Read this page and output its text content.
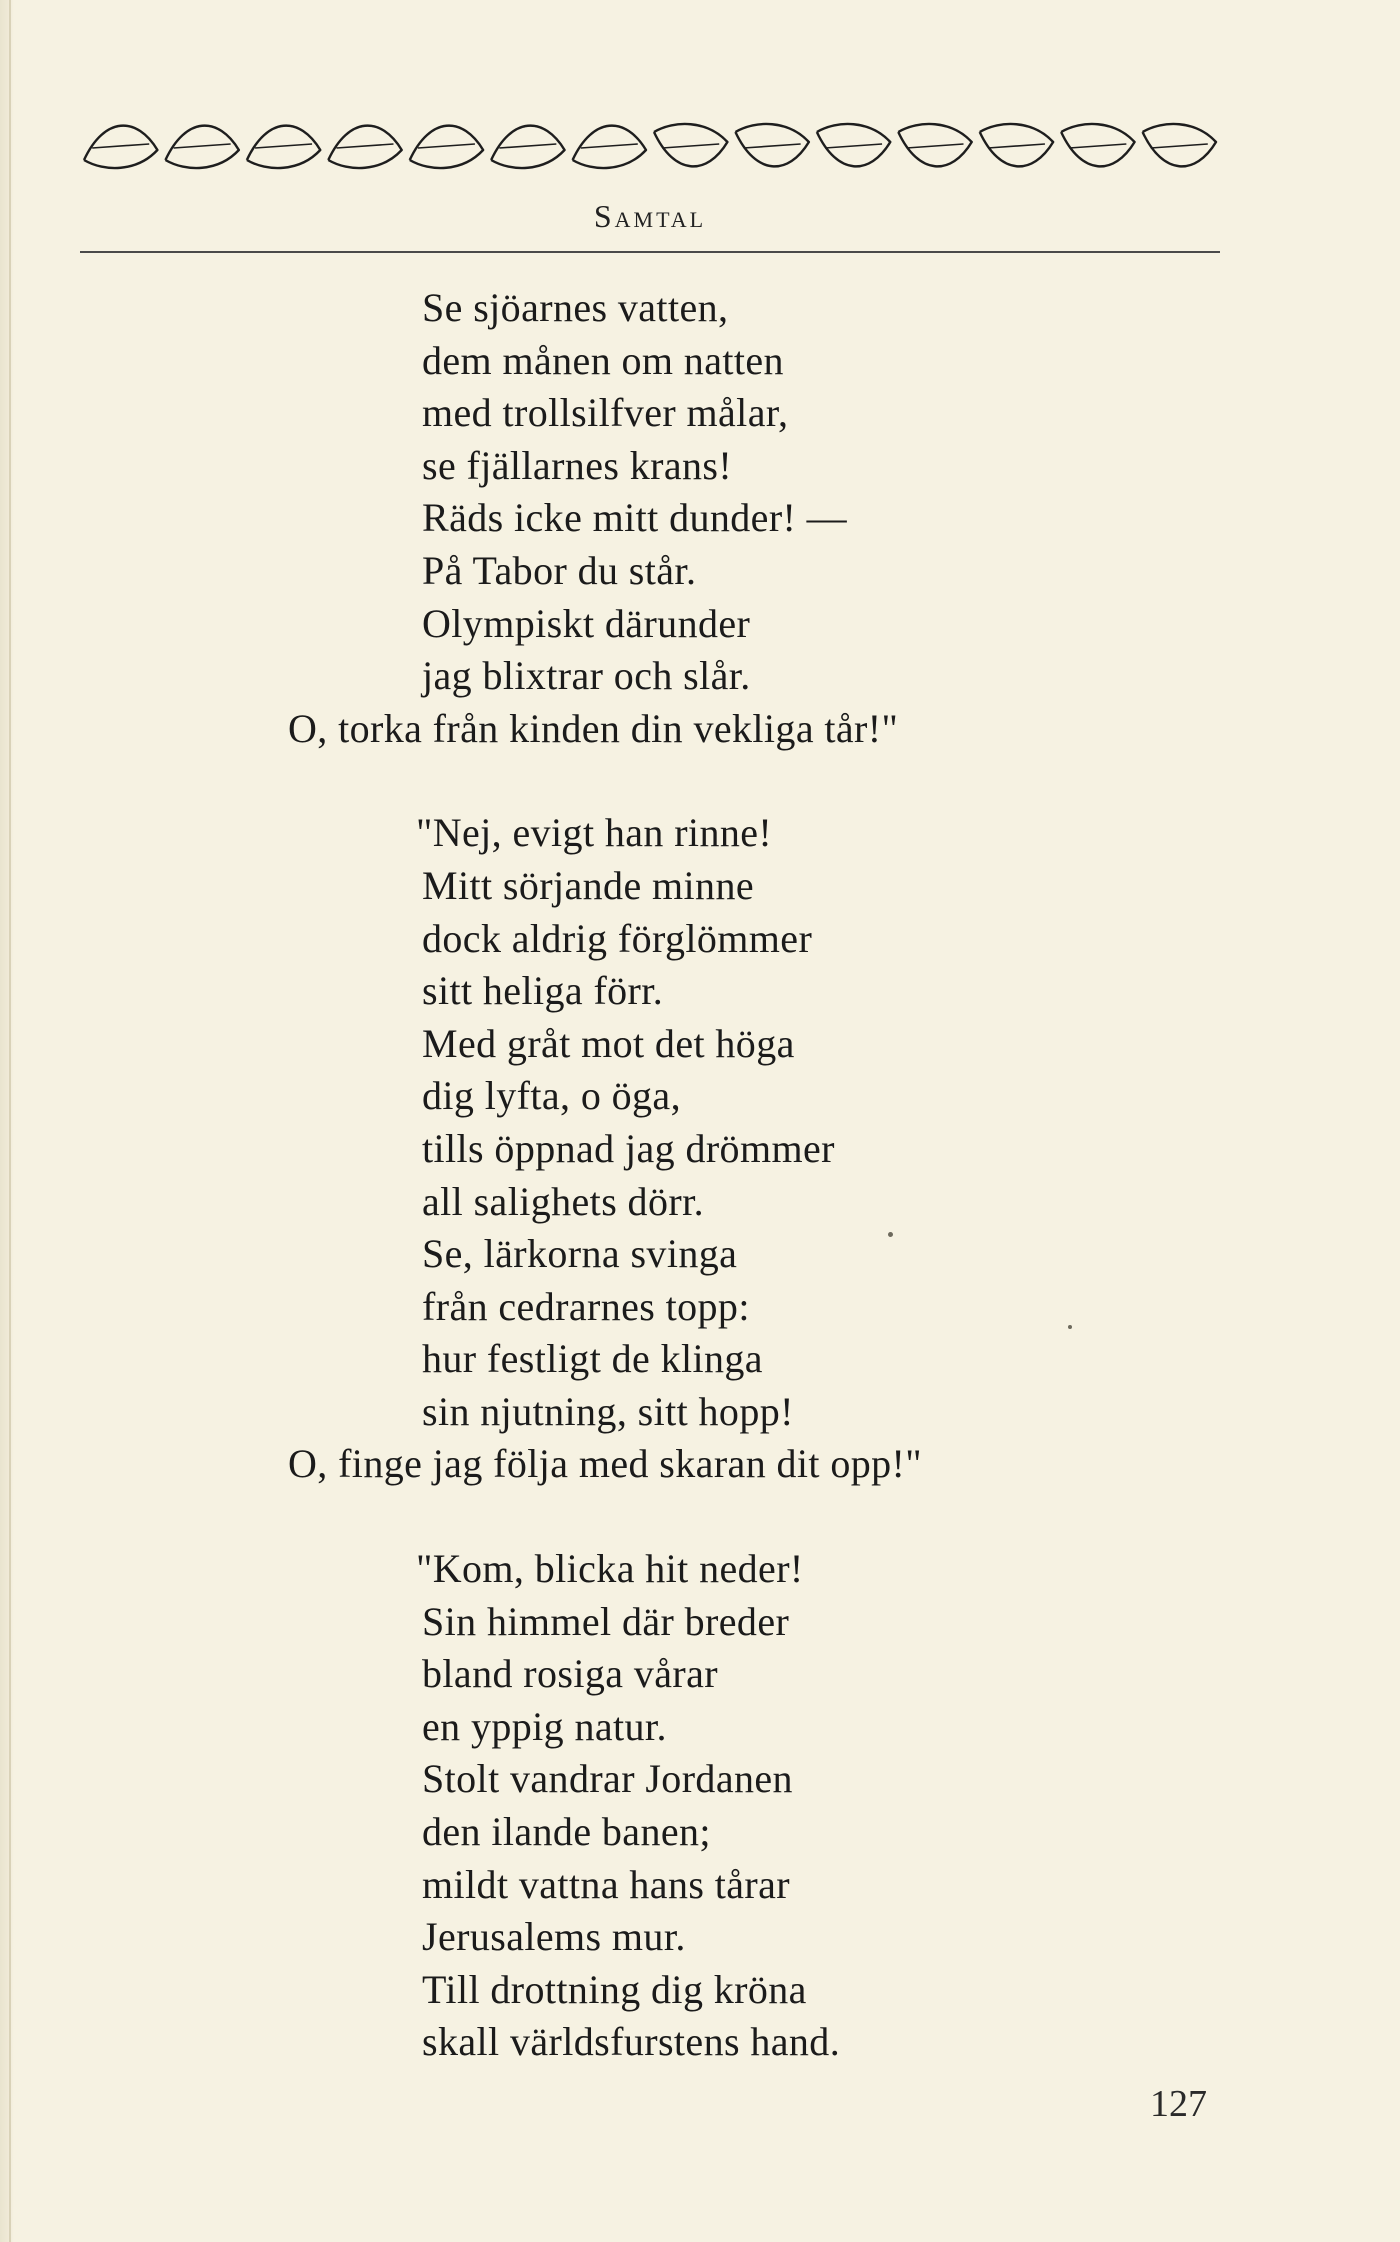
Samtal
Se sjöarnes vatten,
dem månen om natten
med trollsilfver målar,
se fjällarnes krans!
Räds icke mitt dunder! —
På Tabor du står.
Olympiskt därunder
jag blixtrar och slår.
O, torka från kinden din vekliga tår!"
"Nej, evigt han rinne!
Mitt sörjande minne
dock aldrig förglömmer
sitt heliga förr.
Med gråt mot det höga
dig lyfta, o öga,
tills öppnad jag drömmer
all salighets dörr.
Se, lärkorna svinga
från cedrarnes topp:
hur festligt de klinga
sin njutning, sitt hopp!
O, finge jag följa med skaran dit opp!"
"Kom, blicka hit neder!
Sin himmel där breder
bland rosiga vårar
en yppig natur.
Stolt vandrar Jordanen
den ilande banen;
mildt vattna hans tårar
Jerusalems mur.
Till drottning dig kröna
skall världsfurstens hand.
127
